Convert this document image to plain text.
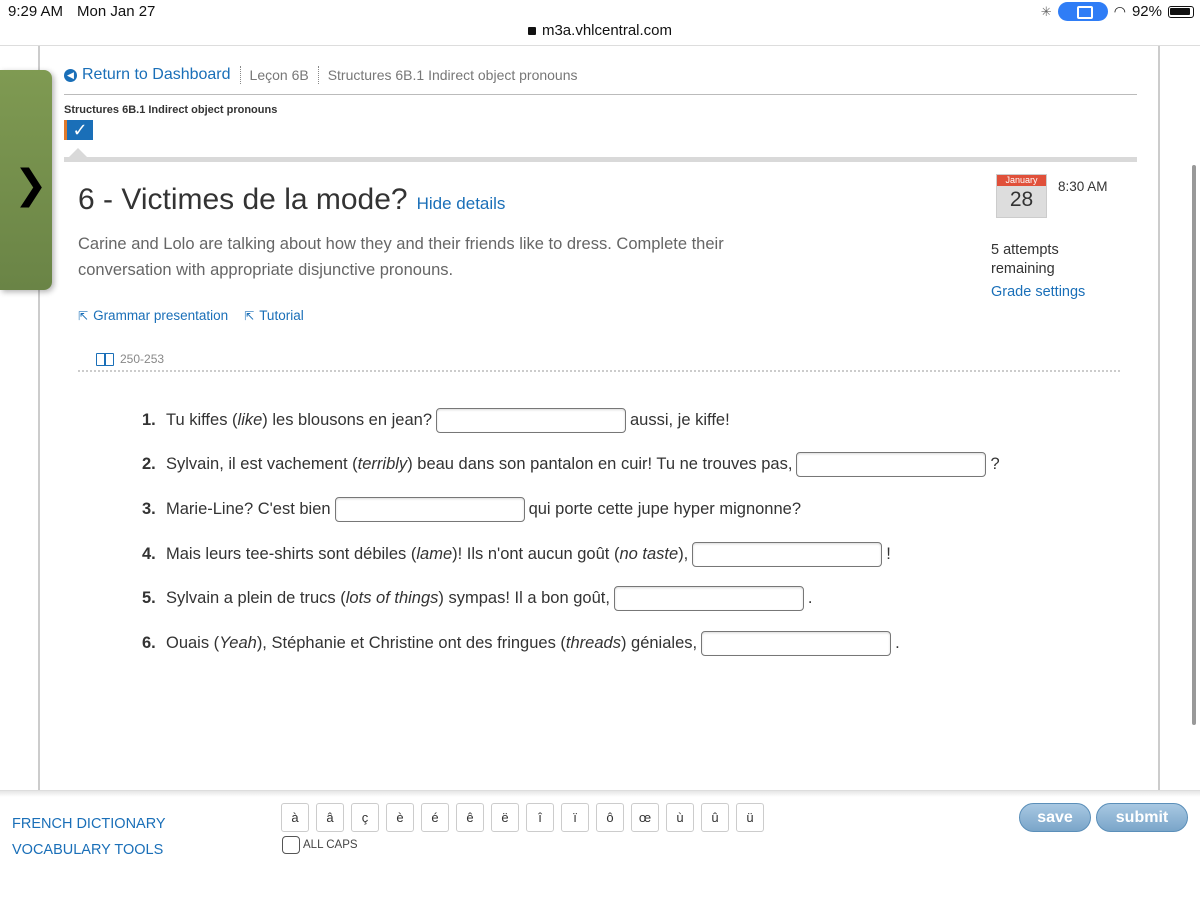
9:29 AM Mon Jan 27	✳	◠ 92%
m3a.vhlcentral.com
❯
◀ Return to Dashboard Leçon 6B Structures 6B.1 Indirect object pronouns
Structures 6B.1 Indirect object pronouns
✓
6 - Victimes de la mode? Hide details
Carine and Lolo are talking about how they and their friends like to dress. Complete their conversation with appropriate disjunctive pronouns.
⇱ Grammar presentation ⇱ Tutorial
250-253
January
28
8:30 AM
5 attempts remaining
Grade settings
1. Tu kiffes ( like ) les blousons en jean?	aussi, je kiffe!
2. Sylvain, il est vachement ( terribly ) beau dans son pantalon en cuir! Tu ne trouves pas,	?
3. Marie-Line? C'est bien	qui porte cette jupe hyper mignonne?
4. Mais leurs tee-shirts sont débiles ( lame )! Ils n'ont aucun goût ( no taste ),	!
5. Sylvain a plein de trucs ( lots of things ) sympas! Il a bon goût,	.
6. Ouais ( Yeah ), Stéphanie et Christine ont des fringues ( threads ) géniales,	.
FRENCH DICTIONARY
VOCABULARY TOOLS
à	â	ç	è	é	ê	ë	î	ï	ô	œ	ù	û	ü
ALL CAPS
save	submit
